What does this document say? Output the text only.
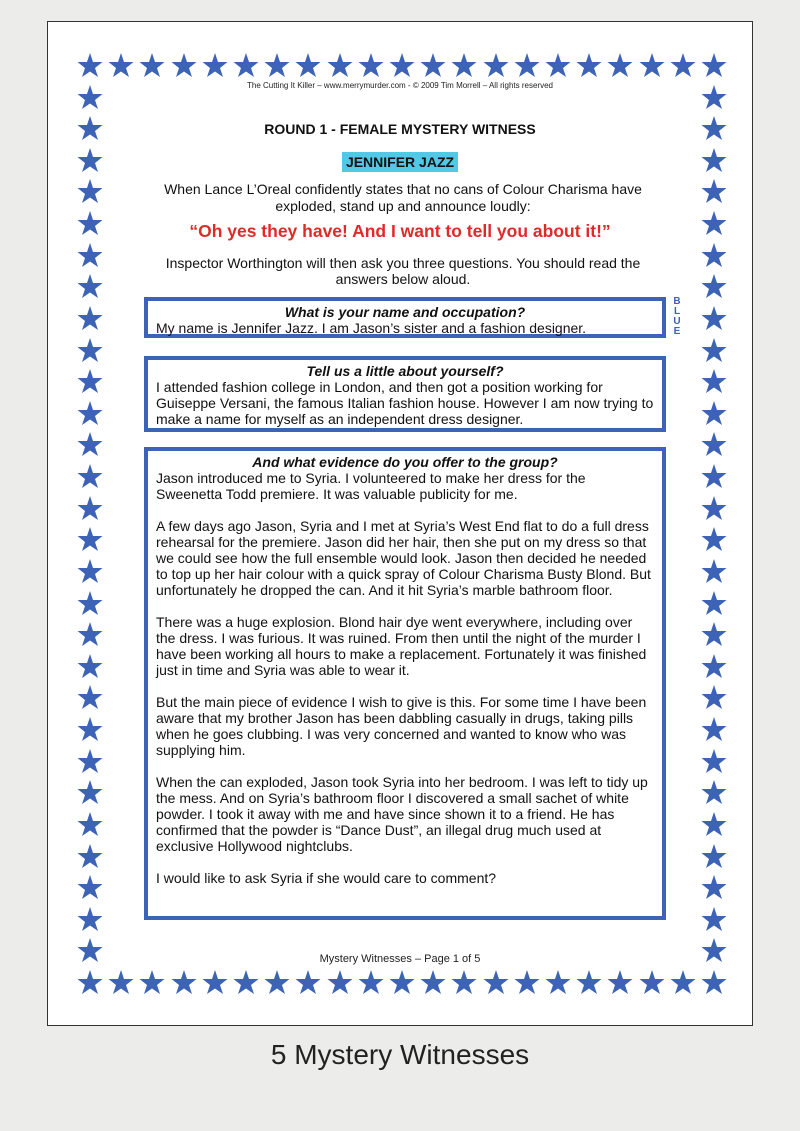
The Cutting It Killer – www.merrymurder.com - © 2009 Tim Morrell – All rights reserved
ROUND 1 - FEMALE MYSTERY WITNESS
JENNIFER JAZZ
When Lance L’Oreal confidently states that no cans of Colour Charisma have exploded, stand up and announce loudly:
“Oh yes they have! And I want to tell you about it!”
Inspector Worthington will then ask you three questions. You should read the answers below aloud.
B
L
U
E
What is your name and occupation?
My name is Jennifer Jazz. I am Jason’s sister and a fashion designer.
Tell us a little about yourself?
I attended fashion college in London, and then got a position working for Guiseppe Versani, the famous Italian fashion house. However I am now trying to make a name for myself as an independent dress designer.
And what evidence do you offer to the group?

Jason introduced me to Syria. I volunteered to make her dress for the Sweenetta Todd premiere. It was valuable publicity for me.

A few days ago Jason, Syria and I met at Syria’s West End flat to do a full dress rehearsal for the premiere. Jason did her hair, then she put on my dress so that we could see how the full ensemble would look. Jason then decided he needed to top up her hair colour with a quick spray of Colour Charisma Busty Blond. But unfortunately he dropped the can. And it hit Syria’s marble bathroom floor.

There was a huge explosion. Blond hair dye went everywhere, including over the dress. I was furious. It was ruined. From then until the night of the murder I have been working all hours to make a replacement. Fortunately it was finished just in time and Syria was able to wear it.

But the main piece of evidence I wish to give is this. For some time I have been aware that my brother Jason has been dabbling casually in drugs, taking pills when he goes clubbing. I was very concerned and wanted to know who was supplying him.

When the can exploded, Jason took Syria into her bedroom. I was left to tidy up the mess. And on Syria’s bathroom floor I discovered a small sachet of white powder. I took it away with me and have since shown it to a friend. He has confirmed that the powder is “Dance Dust”, an illegal drug much used at exclusive Hollywood nightclubs.

I would like to ask Syria if she would care to comment?

Mystery Witnesses – Page 1 of 5
5 Mystery Witnesses
